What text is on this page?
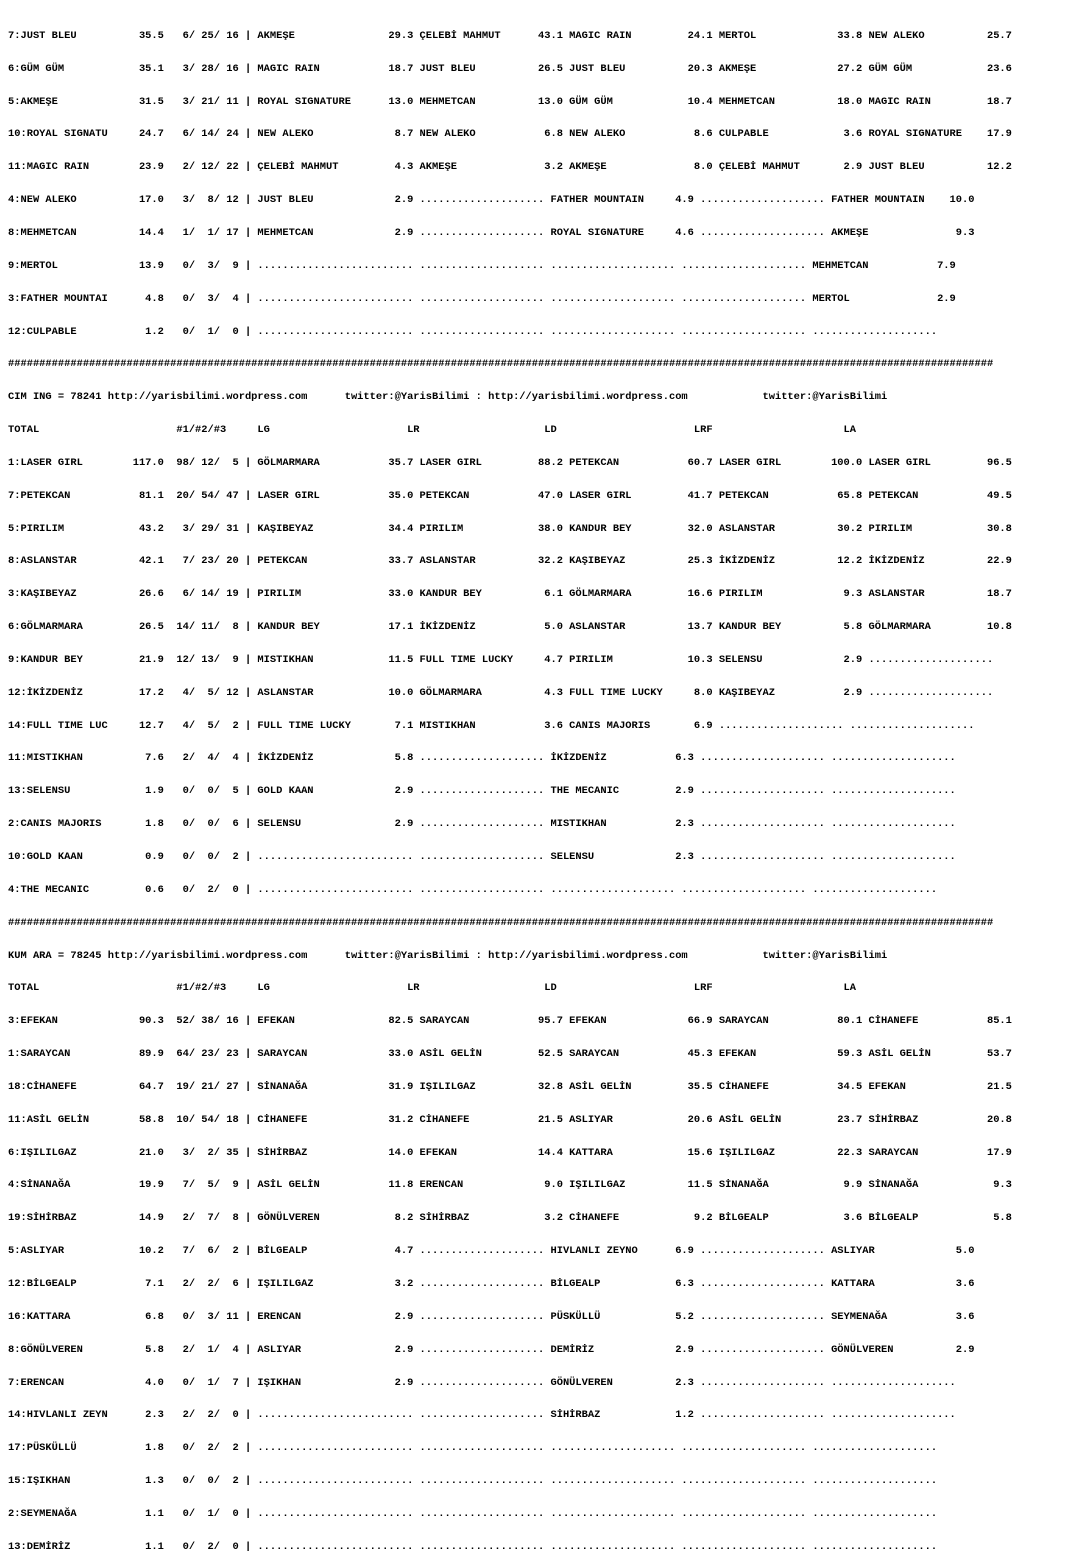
7:JUST BLEU          35.5   6/ 25/ 16 | AKMEŞE               29.3 ÇELEBİ MAHMUT      43.1 MAGIC RAIN         24.1 MERTOL             33.8 NEW ALEKO          25.7

6:GÜM GÜM            35.1   3/ 28/ 16 | MAGIC RAIN           18.7 JUST BLEU          26.5 JUST BLEU          20.3 AKMEŞE             27.2 GÜM GÜM            23.6

5:AKMEŞE             31.5   3/ 21/ 11 | ROYAL SIGNATURE      13.0 MEHMETCAN          13.0 GÜM GÜM            10.4 MEHMETCAN          18.0 MAGIC RAIN         18.7

10:ROYAL SIGNATU     24.7   6/ 14/ 24 | NEW ALEKO             8.7 NEW ALEKO           6.8 NEW ALEKO           8.6 CULPABLE            3.6 ROYAL SIGNATURE    17.9

11:MAGIC RAIN        23.9   2/ 12/ 22 | ÇELEBİ MAHMUT         4.3 AKMEŞE              3.2 AKMEŞE              8.0 ÇELEBİ MAHMUT       2.9 JUST BLEU          12.2

4:NEW ALEKO          17.0   3/  8/ 12 | JUST BLEU             2.9 .................... FATHER MOUNTAIN     4.9 .................... FATHER MOUNTAIN    10.0

8:MEHMETCAN          14.4   1/  1/ 17 | MEHMETCAN             2.9 .................... ROYAL SIGNATURE     4.6 .................... AKMEŞE              9.3

9:MERTOL             13.9   0/  3/  9 | ......................... .................... .................... .................... MEHMETCAN           7.9

3:FATHER MOUNTAI      4.8   0/  3/  4 | ......................... .................... .................... .................... MERTOL              2.9

12:CULPABLE           1.2   0/  1/  0 | ......................... .................... .................... .................... ....................

##############################################################################################################################################################

CIM ING = 78241 http://yarisbilimi.wordpress.com      twitter:@YarisBilimi : http://yarisbilimi.wordpress.com            twitter:@YarisBilimi

TOTAL                      #1/#2/#3     LG                      LR                    LD                      LRF                     LA

1:LASER GIRL        117.0  98/ 12/  5 | GÖLMARMARA           35.7 LASER GIRL         88.2 PETEKCAN           60.7 LASER GIRL        100.0 LASER GIRL         96.5

7:PETEKCAN           81.1  20/ 54/ 47 | LASER GIRL           35.0 PETEKCAN           47.0 LASER GIRL         41.7 PETEKCAN           65.8 PETEKCAN           49.5

5:PIRILIM            43.2   3/ 29/ 31 | KAŞIBEYAZ            34.4 PIRILIM            38.0 KANDUR BEY         32.0 ASLANSTAR          30.2 PIRILIM            30.8

8:ASLANSTAR          42.1   7/ 23/ 20 | PETEKCAN             33.7 ASLANSTAR          32.2 KAŞIBEYAZ          25.3 İKİZDENİZ          12.2 İKİZDENİZ          22.9

3:KAŞIBEYAZ          26.6   6/ 14/ 19 | PIRILIM              33.0 KANDUR BEY          6.1 GÖLMARMARA         16.6 PIRILIM             9.3 ASLANSTAR          18.7

6:GÖLMARMARA         26.5  14/ 11/  8 | KANDUR BEY           17.1 İKİZDENİZ           5.0 ASLANSTAR          13.7 KANDUR BEY          5.8 GÖLMARMARA         10.8

9:KANDUR BEY         21.9  12/ 13/  9 | MISTIKHAN            11.5 FULL TIME LUCKY     4.7 PIRILIM            10.3 SELENSU             2.9 ....................

12:İKİZDENİZ         17.2   4/  5/ 12 | ASLANSTAR            10.0 GÖLMARMARA          4.3 FULL TIME LUCKY     8.0 KAŞIBEYAZ           2.9 ....................

14:FULL TIME LUC     12.7   4/  5/  2 | FULL TIME LUCKY       7.1 MISTIKHAN           3.6 CANIS MAJORIS       6.9 .................... ....................

11:MISTIKHAN          7.6   2/  4/  4 | İKİZDENİZ             5.8 .................... İKİZDENİZ           6.3 .................... ....................

13:SELENSU            1.9   0/  0/  5 | GOLD KAAN             2.9 .................... THE MECANIC         2.9 .................... ....................

2:CANIS MAJORIS       1.8   0/  0/  6 | SELENSU               2.9 .................... MISTIKHAN           2.3 .................... ....................

10:GOLD KAAN          0.9   0/  0/  2 | ......................... .................... SELENSU             2.3 .................... ....................

4:THE MECANIC         0.6   0/  2/  0 | ......................... .................... .................... .................... ....................

##############################################################################################################################################################

KUM ARA = 78245 http://yarisbilimi.wordpress.com      twitter:@YarisBilimi : http://yarisbilimi.wordpress.com            twitter:@YarisBilimi

TOTAL                      #1/#2/#3     LG                      LR                    LD                      LRF                     LA

3:EFEKAN             90.3  52/ 38/ 16 | EFEKAN               82.5 SARAYCAN           95.7 EFEKAN             66.9 SARAYCAN           80.1 CİHANEFE           85.1

1:SARAYCAN           89.9  64/ 23/ 23 | SARAYCAN             33.0 ASİL GELİN         52.5 SARAYCAN           45.3 EFEKAN             59.3 ASİL GELİN         53.7

18:CİHANEFE          64.7  19/ 21/ 27 | SİNANAĞA             31.9 IŞILILGAZ          32.8 ASİL GELİN         35.5 CİHANEFE           34.5 EFEKAN             21.5

11:ASİL GELİN        58.8  10/ 54/ 18 | CİHANEFE             31.2 CİHANEFE           21.5 ASLIYAR            20.6 ASİL GELİN         23.7 SİHİRBAZ           20.8

6:IŞILILGAZ          21.0   3/  2/ 35 | SİHİRBAZ             14.0 EFEKAN             14.4 KATTARA            15.6 IŞILILGAZ          22.3 SARAYCAN           17.9

4:SİNANAĞA           19.9   7/  5/  9 | ASİL GELİN           11.8 ERENCAN             9.0 IŞILILGAZ          11.5 SİNANAĞA            9.9 SİNANAĞA            9.3

19:SİHİRBAZ          14.9   2/  7/  8 | GÖNÜLVEREN            8.2 SİHİRBAZ            3.2 CİHANEFE            9.2 BİLGEALP            3.6 BİLGEALP            5.8

5:ASLIYAR            10.2   7/  6/  2 | BİLGEALP              4.7 .................... HIVLANLI ZEYNO      6.9 .................... ASLIYAR             5.0

12:BİLGEALP           7.1   2/  2/  6 | IŞILILGAZ             3.2 .................... BİLGEALP            6.3 .................... KATTARA             3.6

16:KATTARA            6.8   0/  3/ 11 | ERENCAN               2.9 .................... PÜSKÜLLÜ            5.2 .................... SEYMENAĞA           3.6

8:GÖNÜLVEREN          5.8   2/  1/  4 | ASLIYAR               2.9 .................... DEMİRİZ             2.9 .................... GÖNÜLVEREN          2.9

7:ERENCAN             4.0   0/  1/  7 | IŞIKHAN               2.9 .................... GÖNÜLVEREN          2.3 .................... ....................

14:HIVLANLI ZEYN      2.3   2/  2/  0 | ......................... .................... SİHİRBAZ            1.2 .................... ....................

17:PÜSKÜLLÜ           1.8   0/  2/  2 | ......................... .................... .................... .................... ....................

15:IŞIKHAN            1.3   0/  0/  2 | ......................... .................... .................... .................... ....................

2:SEYMENAĞA           1.1   0/  1/  0 | ......................... .................... .................... .................... ....................

13:DEMİRİZ            1.1   0/  2/  0 | ......................... .................... .................... .................... ....................
